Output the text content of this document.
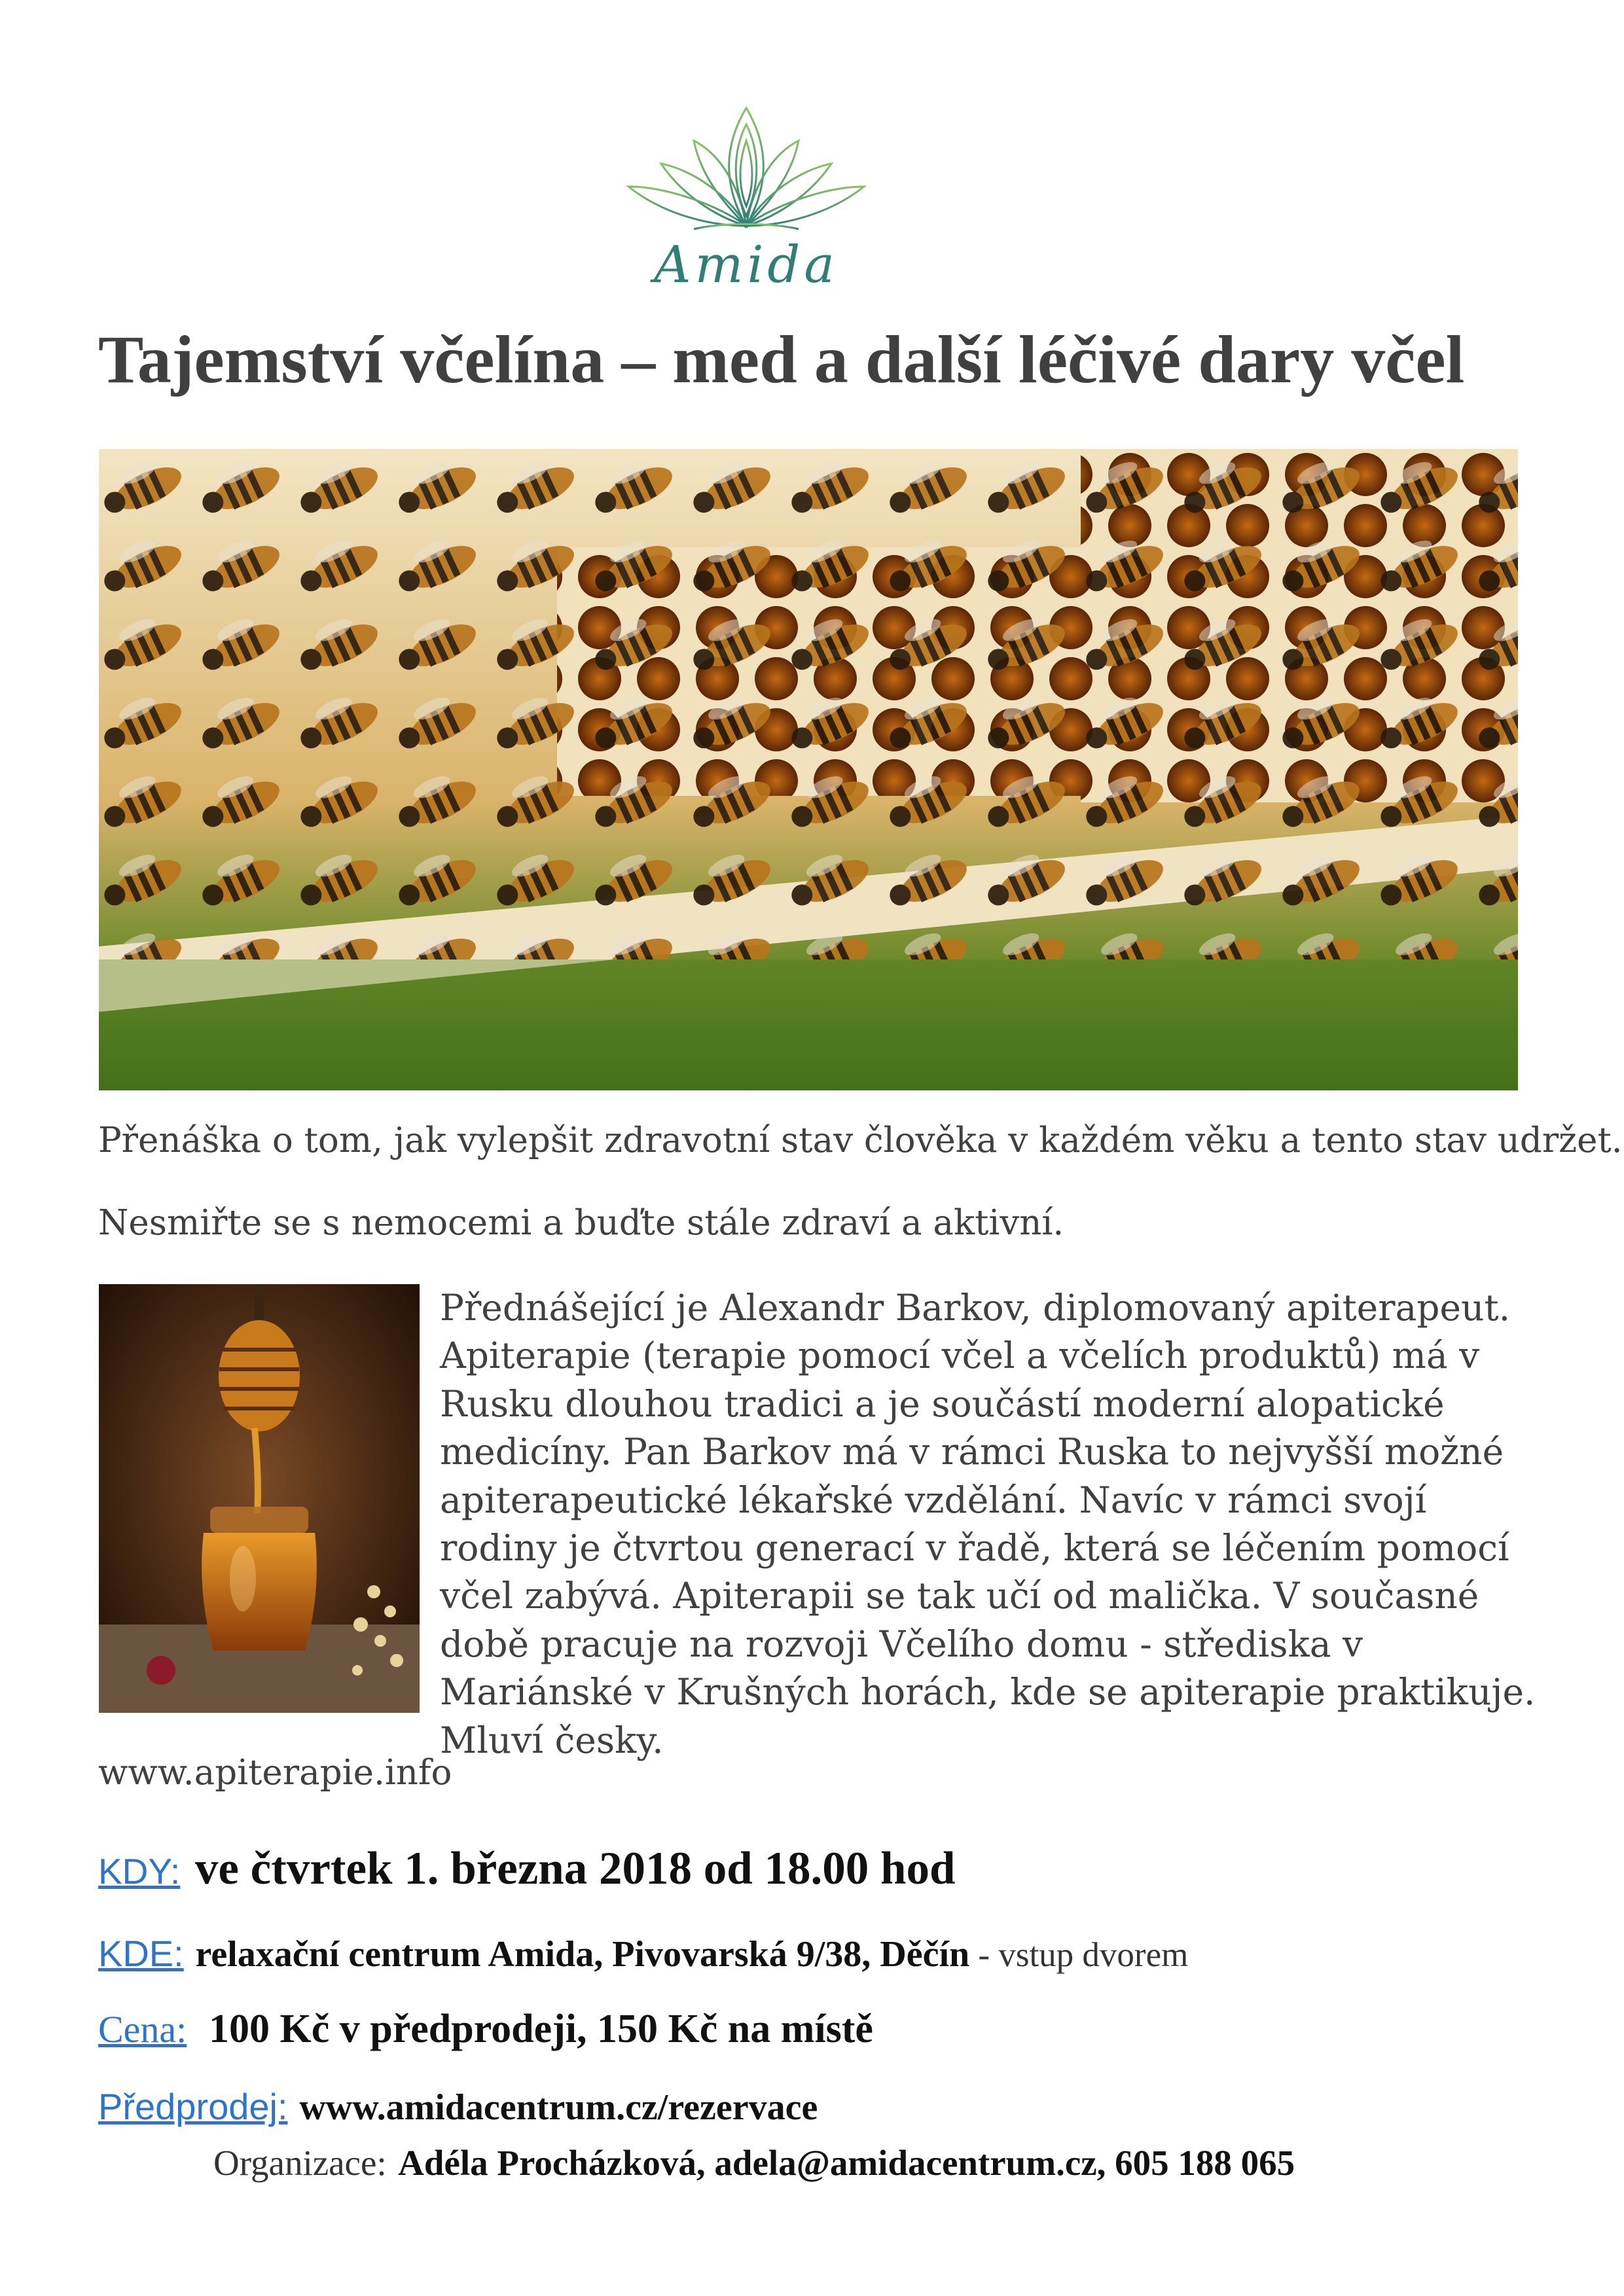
Amida
Tajemství včelína – med a další léčivé dary včel

Přenáška o tom, jak vylepšit zdravotní stav člověka v každém věku a tento stav udržet.

Nesmiřte se s nemocemi a buďte stále zdraví a aktivní.

Přednášející je Alexandr Barkov, diplomovaný apiterapeut. Apiterapie (terapie pomocí včel a včelích produktů) má v Rusku dlouhou tradici a je součástí moderní alopatické medicíny. Pan Barkov má v rámci Ruska to nejvyšší možné apiterapeutické lékařské vzdělání. Navíc v rámci svojí rodiny je čtvrtou generací v řadě, která se léčením pomocí včel zabývá. Apiterapii se tak učí od malička. V současné době pracuje na rozvoji Včelího domu - střediska v Mariánské v Krušných horách, kde se apiterapie praktikuje. Mluví česky.

www.apiterapie.info
KDY: ve čtvrtek 1. března 2018 od 18.00 hod
KDE: relaxační centrum Amida, Pivovarská 9/38, Děčín - vstup dvorem
Cena: 100 Kč v předprodeji, 150 Kč na místě
Předprodej: www.amidacentrum.cz/rezervace
Organizace: Adéla Procházková, adela@amidacentrum.cz, 605 188 065
